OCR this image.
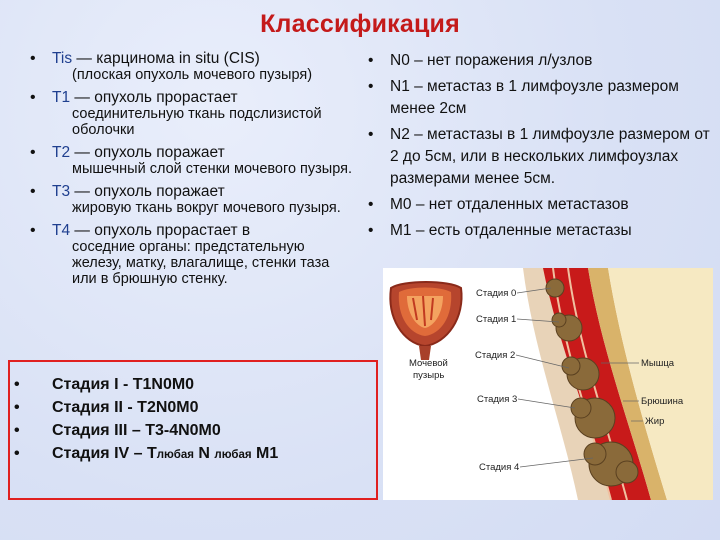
Классификация
• Tis — карцинома in situ (CIS)
(плоская опухоль мочевого пузыря)
• T1 — опухоль прорастает
соединительную ткань подслизистой оболочки
• T2 — опухоль поражает
мышечный слой стенки мочевого пузыря.
• T3 — опухоль поражает
жировую ткань вокруг мочевого пузыря.
• T4 — опухоль прорастает в
соседние органы: предстательную железу, матку, влагалище, стенки таза или в брюшную стенку.
• N0 – нет поражения л/узлов
• N1 – метастаз в 1 лимфоузле размером менее 2см
• N2 – метастазы в 1 лимфоузле размером от 2 до 5см, или в нескольких лимфоузлах размерами менее 5см.
• M0 – нет отдаленных метастазов
• M1 – есть отдаленные метастазы
• Стадия I - T1N0M0
• Стадия II - T2N0M0
• Стадия III – T3-4N0M0
• Стадия IV – Tлюбая N любая M1
Мочевой
пузырь
Стадия 0
Стадия 1
Стадия 2
Стадия 3
Стадия 4
Мышца
Брюшина
Жир
